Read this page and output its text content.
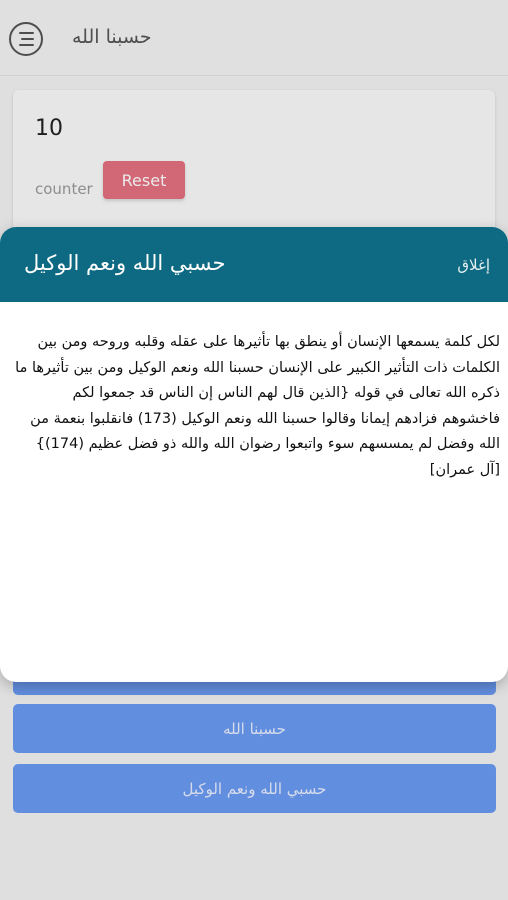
حسبنا الله
10
counter	Reset
حسبنا الله
حسبي الله ونعم الوكيل
حسبي الله ونعم الوكيل	إغلاق
لكل كلمة يسمعها الإنسان أو ينطق بها تأثيرها على عقله وقلبه وروحه ومن بين الكلمات ذات التأثير الكبير على الإنسان حسبنا الله ونعم الوكيل ومن بين تأثيرها ما ذكره الله تعالى في قوله {الذين قال لهم الناس إن الناس قد جمعوا لكم فاخشوهم فزادهم إيمانا وقالوا حسبنا الله ونعم الوكيل (173) فانقلبوا بنعمة من الله وفضل لم يمسسهم سوء واتبعوا رضوان الله والله ذو فضل عظيم (174)} [آل عمران]
